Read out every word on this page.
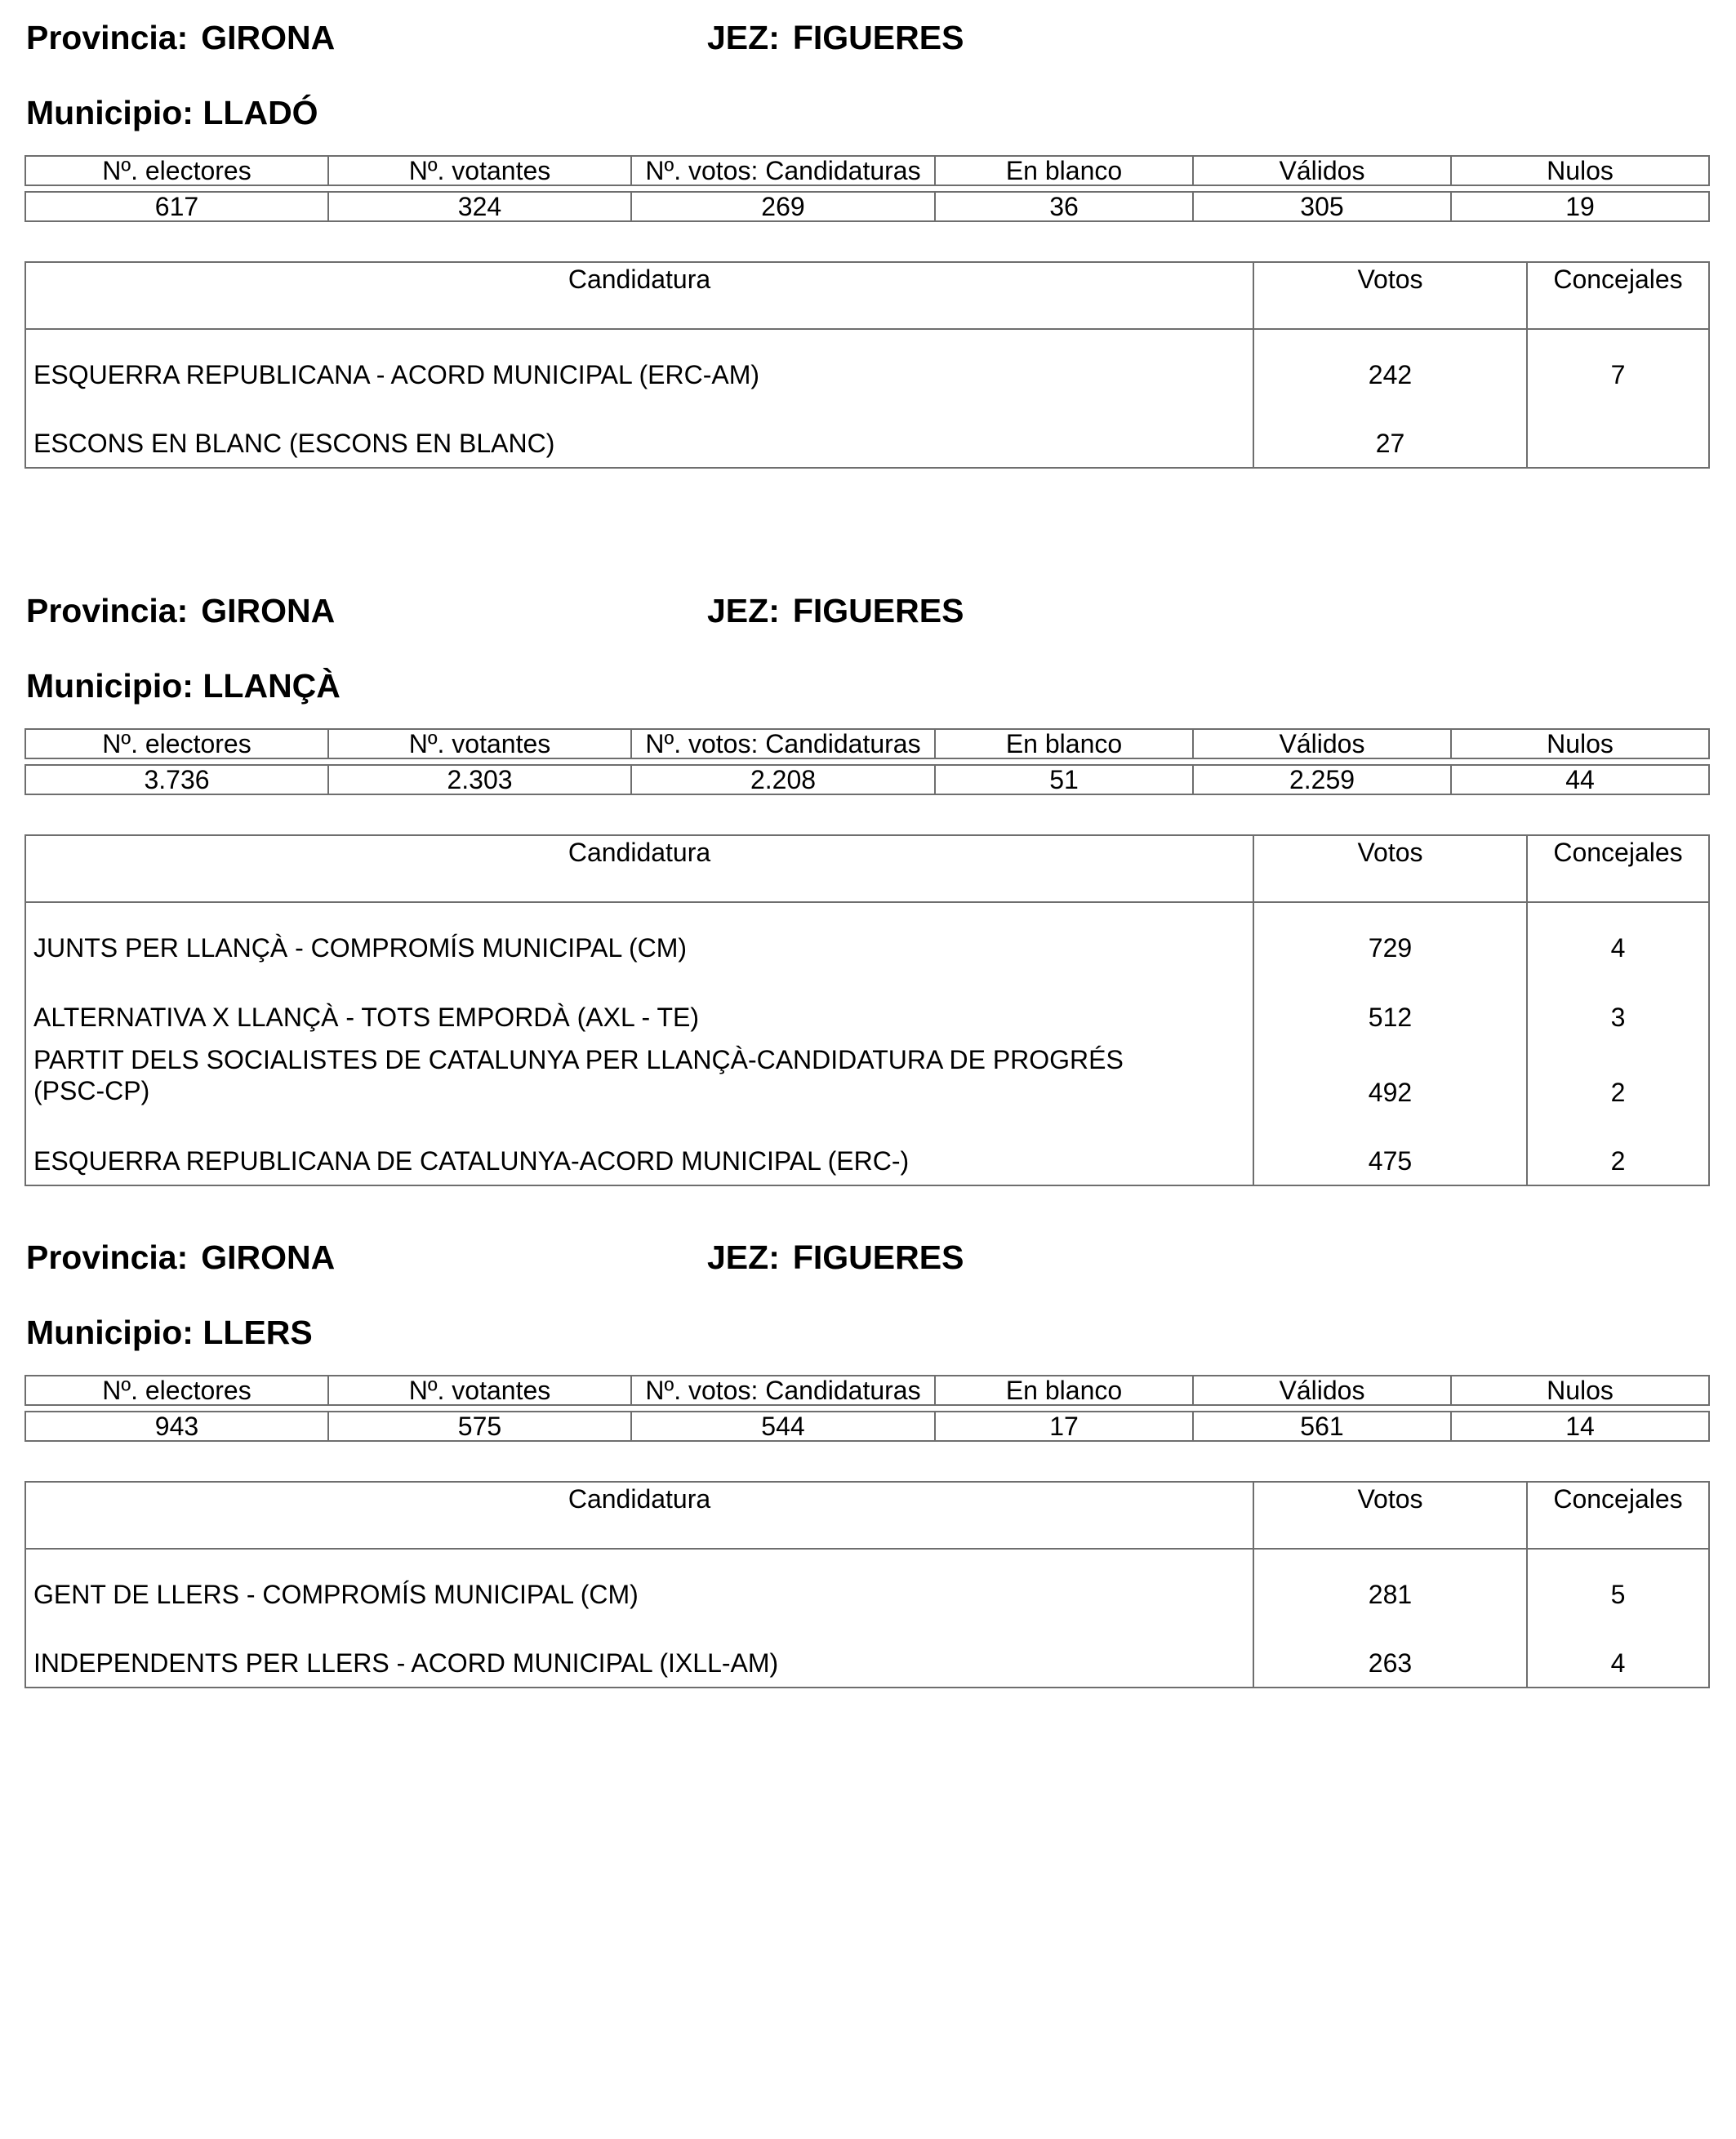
Provincia: GIRONA	JEZ: FIGUERES
Municipio: LLADÓ
Nº. electores	Nº. votantes	Nº. votos: Candidaturas	En blanco	Válidos	Nulos
617	324	269	36	305	19
Candidatura	Votos	Concejales
ESQUERRA REPUBLICANA - ACORD MUNICIPAL (ERC-AM)	242	7
ESCONS EN BLANC (ESCONS EN BLANC)	27	
Provincia: GIRONA	JEZ: FIGUERES
Municipio: LLANÇÀ
Nº. electores	Nº. votantes	Nº. votos: Candidaturas	En blanco	Válidos	Nulos
3.736	2.303	2.208	51	2.259	44
Candidatura	Votos	Concejales
JUNTS PER LLANÇÀ - COMPROMÍS MUNICIPAL (CM)	729	4
ALTERNATIVA X LLANÇÀ - TOTS EMPORDÀ (AXL - TE)	512	3
PARTIT DELS SOCIALISTES DE CATALUNYA PER LLANÇÀ-CANDIDATURA DE PROGRÉS (PSC-CP)	492	2
ESQUERRA REPUBLICANA DE CATALUNYA-ACORD MUNICIPAL (ERC-)	475	2
Provincia: GIRONA	JEZ: FIGUERES
Municipio: LLERS
Nº. electores	Nº. votantes	Nº. votos: Candidaturas	En blanco	Válidos	Nulos
943	575	544	17	561	14
Candidatura	Votos	Concejales
GENT DE LLERS - COMPROMÍS MUNICIPAL (CM)	281	5
INDEPENDENTS PER LLERS - ACORD MUNICIPAL (IXLL-AM)	263	4
